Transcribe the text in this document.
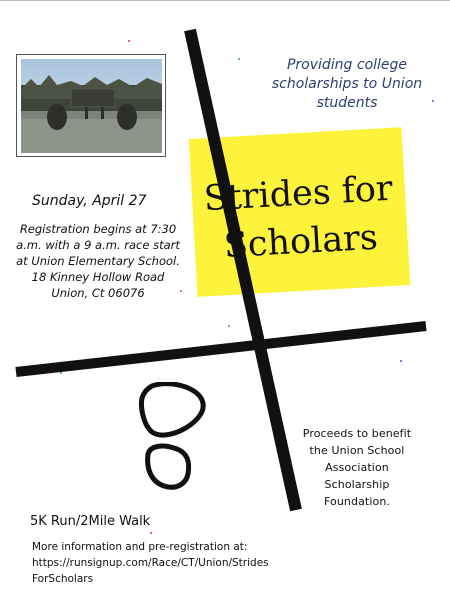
Providing college scholarships to Union students
Strides for
Scholars
Sunday, April 27
Registration begins at 7:30 a.m. with a 9 a.m. race start at Union Elementary School.
18 Kinney Hollow Road
Union, Ct 06076
Proceeds to benefit the Union School Association Scholarship Foundation.
5K Run/2Mile Walk
More information and pre-registration at:
https://runsignup.com/Race/CT/Union/Strides
ForScholars
